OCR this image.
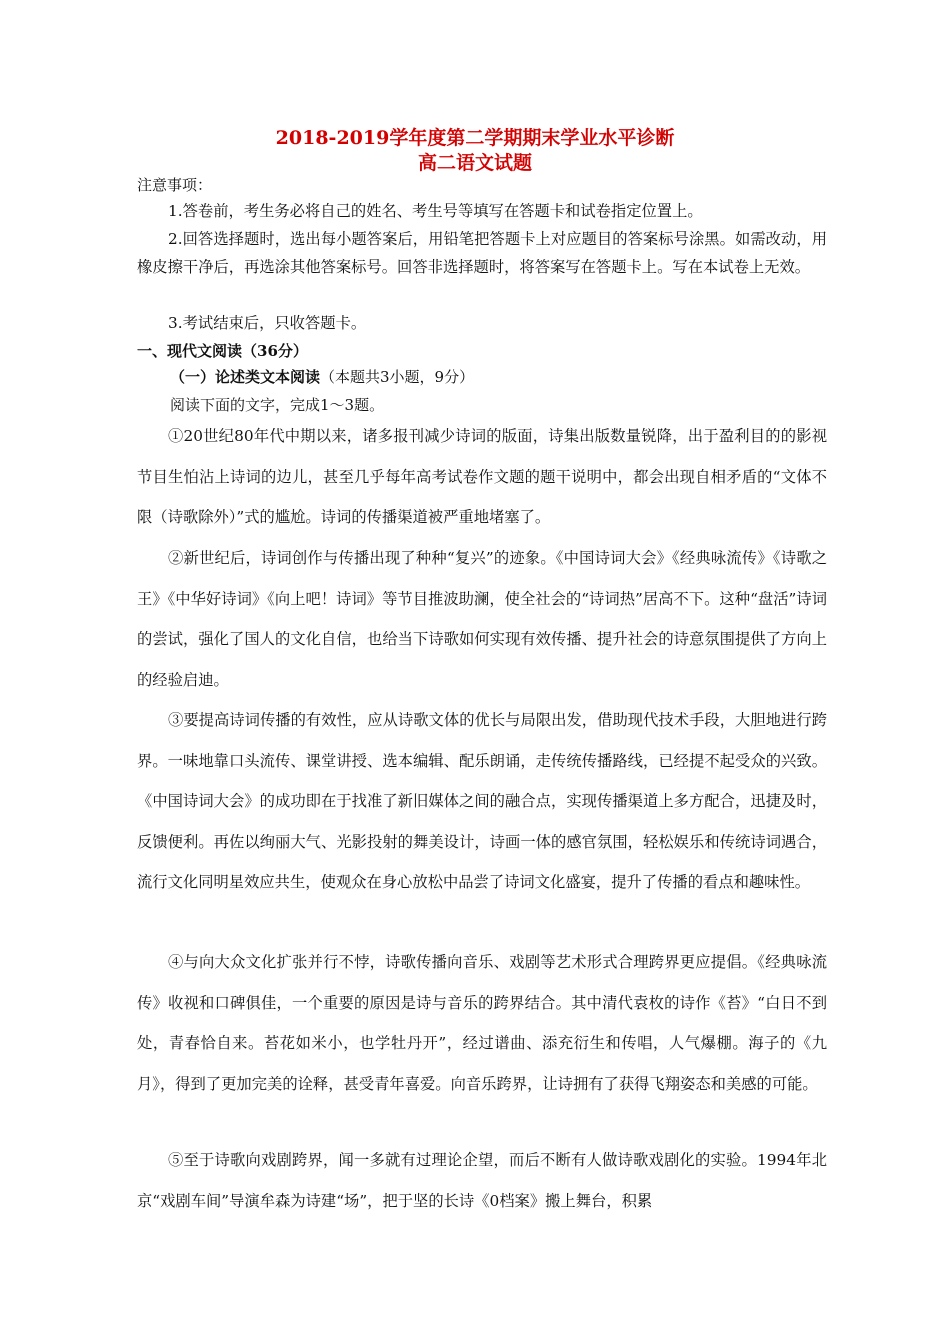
2018-2019学年度第二学期期末学业水平诊断
高二语文试题
注意事项：
1.答卷前，考生务必将自己的姓名、考生号等填写在答题卡和试卷指定位置上。
2.回答选择题时，选出每小题答案后，用铅笔把答题卡上对应题目的答案标号涂黑。如需改动，用橡皮擦干净后，再选涂其他答案标号。回答非选择题时，将答案写在答题卡上。写在本试卷上无效。
3.考试结束后，只收答题卡。
一、现代文阅读（36分）
（一）论述类文本阅读（本题共3小题，9分）
阅读下面的文字，完成1～3题。
①20世纪80年代中期以来，诸多报刊减少诗词的版面，诗集出版数量锐降，出于盈利目的的影视节目生怕沾上诗词的边儿，甚至几乎每年高考试卷作文题的题干说明中，都会出现自相矛盾的“文体不限（诗歌除外）”式的尴尬。诗词的传播渠道被严重地堵塞了。
②新世纪后，诗词创作与传播出现了种种“复兴”的迹象。《中国诗词大会》《经典咏流传》《诗歌之王》《中华好诗词》《向上吧！诗词》等节目推波助澜，使全社会的“诗词热”居高不下。这种“盘活”诗词的尝试，强化了国人的文化自信，也给当下诗歌如何实现有效传播、提升社会的诗意氛围提供了方向上的经验启迪。
③要提高诗词传播的有效性，应从诗歌文体的优长与局限出发，借助现代技术手段，大胆地进行跨界。一味地靠口头流传、课堂讲授、选本编辑、配乐朗诵，走传统传播路线，已经提不起受众的兴致。《中国诗词大会》的成功即在于找准了新旧媒体之间的融合点，实现传播渠道上多方配合，迅捷及时，反馈便利。再佐以绚丽大气、光影投射的舞美设计，诗画一体的感官氛围，轻松娱乐和传统诗词遇合，流行文化同明星效应共生，使观众在身心放松中品尝了诗词文化盛宴，提升了传播的看点和趣味性。
④与向大众文化扩张并行不悖，诗歌传播向音乐、戏剧等艺术形式合理跨界更应提倡。《经典咏流传》收视和口碑俱佳，一个重要的原因是诗与音乐的跨界结合。其中清代袁枚的诗作《苔》“白日不到处，青春恰自来。苔花如米小，也学牡丹开”，经过谱曲、添充衍生和传唱，人气爆棚。海子的《九月》，得到了更加完美的诠释，甚受青年喜爱。向音乐跨界，让诗拥有了获得飞翔姿态和美感的可能。
⑤至于诗歌向戏剧跨界，闻一多就有过理论企望，而后不断有人做诗歌戏剧化的实验。1994年北京“戏剧车间”导演牟森为诗建“场”，把于坚的长诗《0档案》搬上舞台，积累
